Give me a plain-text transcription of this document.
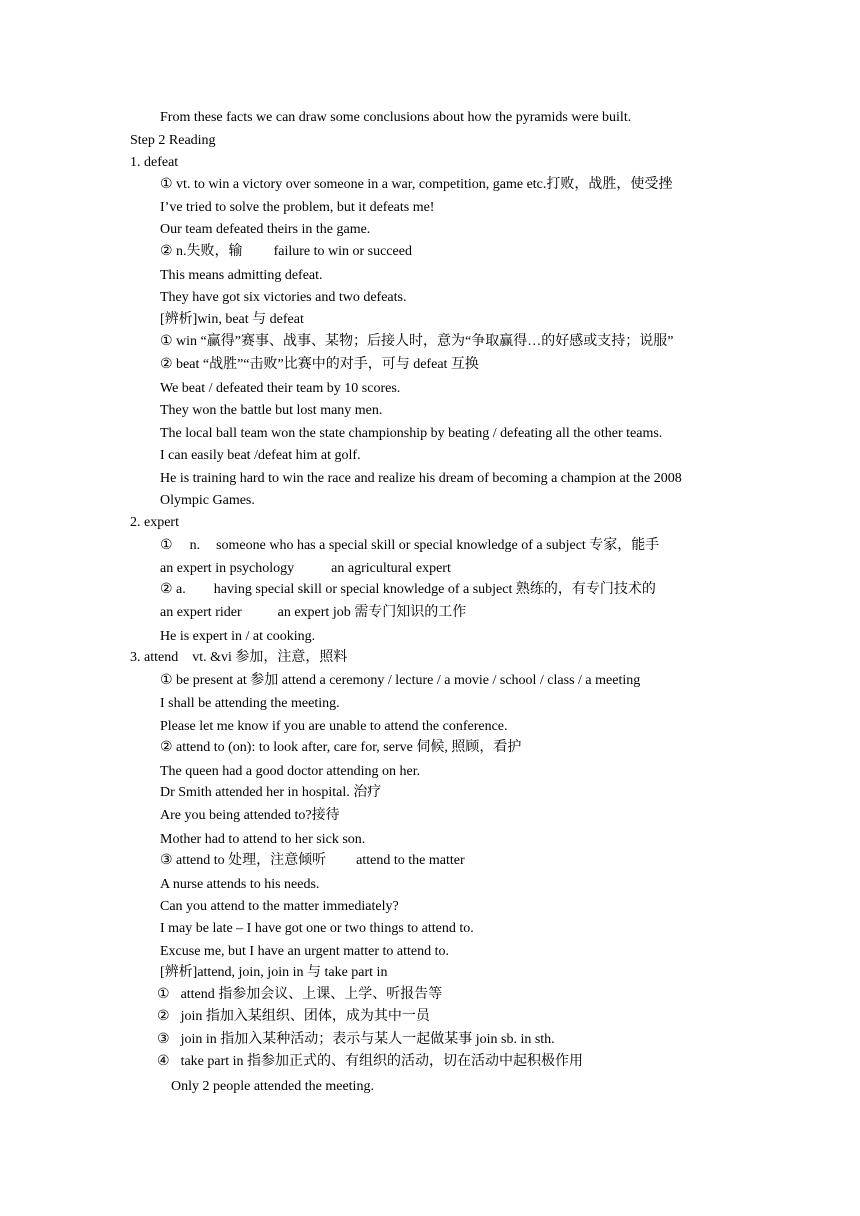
From these facts we can draw some conclusions about how the pyramids were built.
Step 2 Reading
1. defeat
① vt. to win a victory over someone in a war, competition, game etc.打败，战胜，使受挫
I’ve tried to solve the problem, but it defeats me!
Our team defeated theirs in the game.
② n.失败，输 failure to win or succeed
This means admitting defeat.
They have got six victories and two defeats.
[辨析]win, beat 与 defeat
① win “赢得”赛事、战事、某物；后接人时，意为“争取赢得…的好感或支持；说服”
② beat “战胜”“击败”比赛中的对手，可与 defeat 互换
We beat / defeated their team by 10 scores.
They won the battle but lost many men.
The local ball team won the state championship by beating / defeating all the other teams.
I can easily beat /defeat him at golf.
He is training hard to win the race and realize his dream of becoming a champion at the 2008
Olympic Games.
2. expert
① n. someone who has a special skill or special knowledge of a subject 专家，能手
an expert in psychology	an agricultural expert
② a. having special skill or special knowledge of a subject 熟练的，有专门技术的
an expert rider	an expert job 需专门知识的工作
He is expert in / at cooking.
3. attend vt. &vi 参加，注意，照料
① be present at 参加 attend a ceremony / lecture / a movie / school / class / a meeting
I shall be attending the meeting.
Please let me know if you are unable to attend the conference.
② attend to (on): to look after, care for, serve 伺候, 照顾，看护
The queen had a good doctor attending on her.
Dr Smith attended her in hospital. 治疗
Are you being attended to?接待
Mother had to attend to her sick son.
③ attend to 处理，注意倾听 attend to the matter
A nurse attends to his needs.
Can you attend to the matter immediately?
I may be late – I have got one or two things to attend to.
Excuse me, but I have an urgent matter to attend to.
[辨析]attend, join, join in 与 take part in
① attend 指参加会议、上课、上学、听报告等
② join 指加入某组织、团体，成为其中一员
③ join in 指加入某种活动；表示与某人一起做某事 join sb. in sth.
④ take part in 指参加正式的、有组织的活动，切在活动中起积极作用
Only 2 people attended the meeting.
